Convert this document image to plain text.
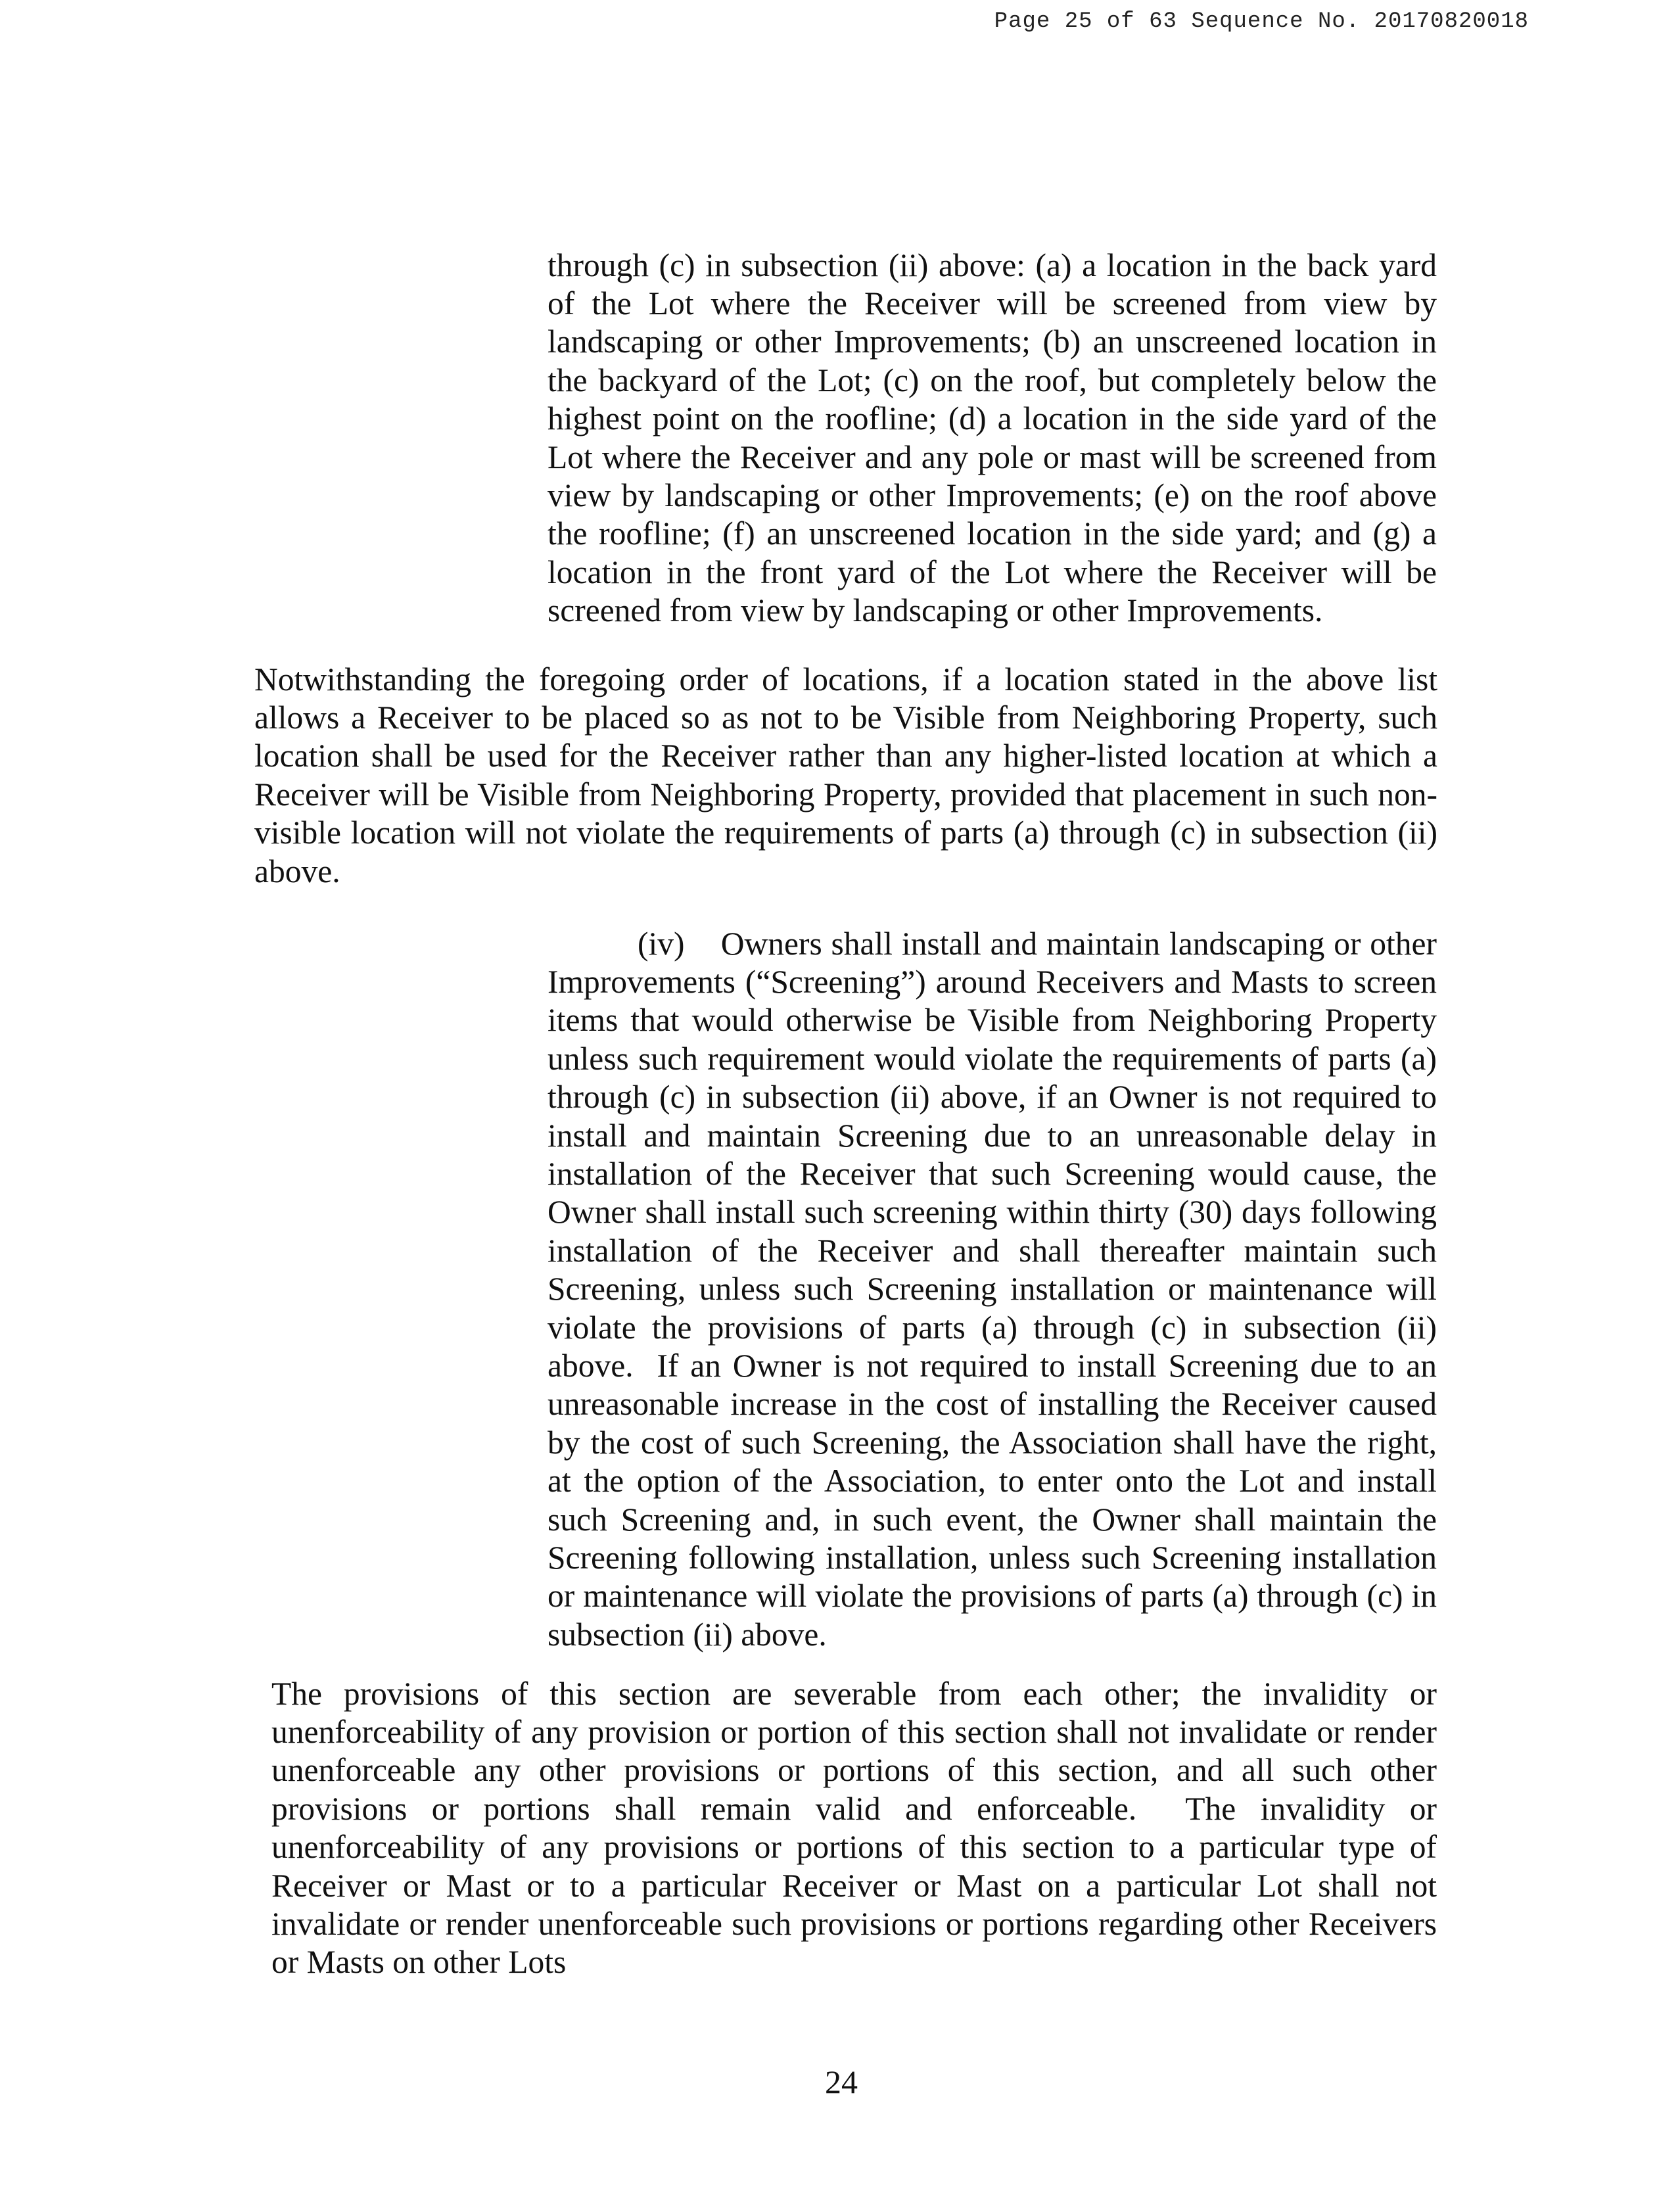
Page 25 of 63 Sequence No. 20170820018

through (c) in subsection (ii) above: (a) a location in the back yard of the Lot where the Receiver will be screened from view by landscaping or other Improvements; (b) an unscreened location in the backyard of the Lot; (c) on the roof, but completely below the highest point on the roofline; (d) a location in the side yard of the Lot where the Receiver and any pole or mast will be screened from view by landscaping or other Improvements; (e) on the roof above the roofline; (f) an unscreened location in the side yard; and (g) a location in the front yard of the Lot where the Receiver will be screened from view by landscaping or other Improvements.

Notwithstanding the foregoing order of locations, if a location stated in the above list allows a Receiver to be placed so as not to be Visible from Neighboring Property, such location shall be used for the Receiver rather than any higher-listed location at which a Receiver will be Visible from Neighboring Property, provided that placement in such non-visible location will not violate the requirements of parts (a) through (c) in subsection (ii) above.

(iv)    Owners shall install and maintain landscaping or other Improvements (“Screening”) around Receivers and Masts to screen items that would otherwise be Visible from Neighboring Property unless such requirement would violate the requirements of parts (a) through (c) in subsection (ii) above, if an Owner is not required to install and maintain Screening due to an unreasonable delay in installation of the Receiver that such Screening would cause, the Owner shall install such screening within thirty (30) days following installation of the Receiver and shall thereafter maintain such Screening, unless such Screening installation or maintenance will violate the provisions of parts (a) through (c) in subsection (ii) above.  If an Owner is not required to install Screening due to an unreasonable increase in the cost of installing the Receiver caused by the cost of such Screening, the Association shall have the right, at the option of the Association, to enter onto the Lot and install such Screening and, in such event, the Owner shall maintain the Screening following installation, unless such Screening installation or maintenance will violate the provisions of parts (a) through (c) in subsection (ii) above.

The provisions of this section are severable from each other; the invalidity or unenforceability of any provision or portion of this section shall not invalidate or render unenforceable any other provisions or portions of this section, and all such other provisions or portions shall remain valid and enforceable.  The invalidity or unenforceability of any provisions or portions of this section to a particular type of Receiver or Mast or to a particular Receiver or Mast on a particular Lot shall not invalidate or render unenforceable such provisions or portions regarding other Receivers or Masts on other Lots

24
